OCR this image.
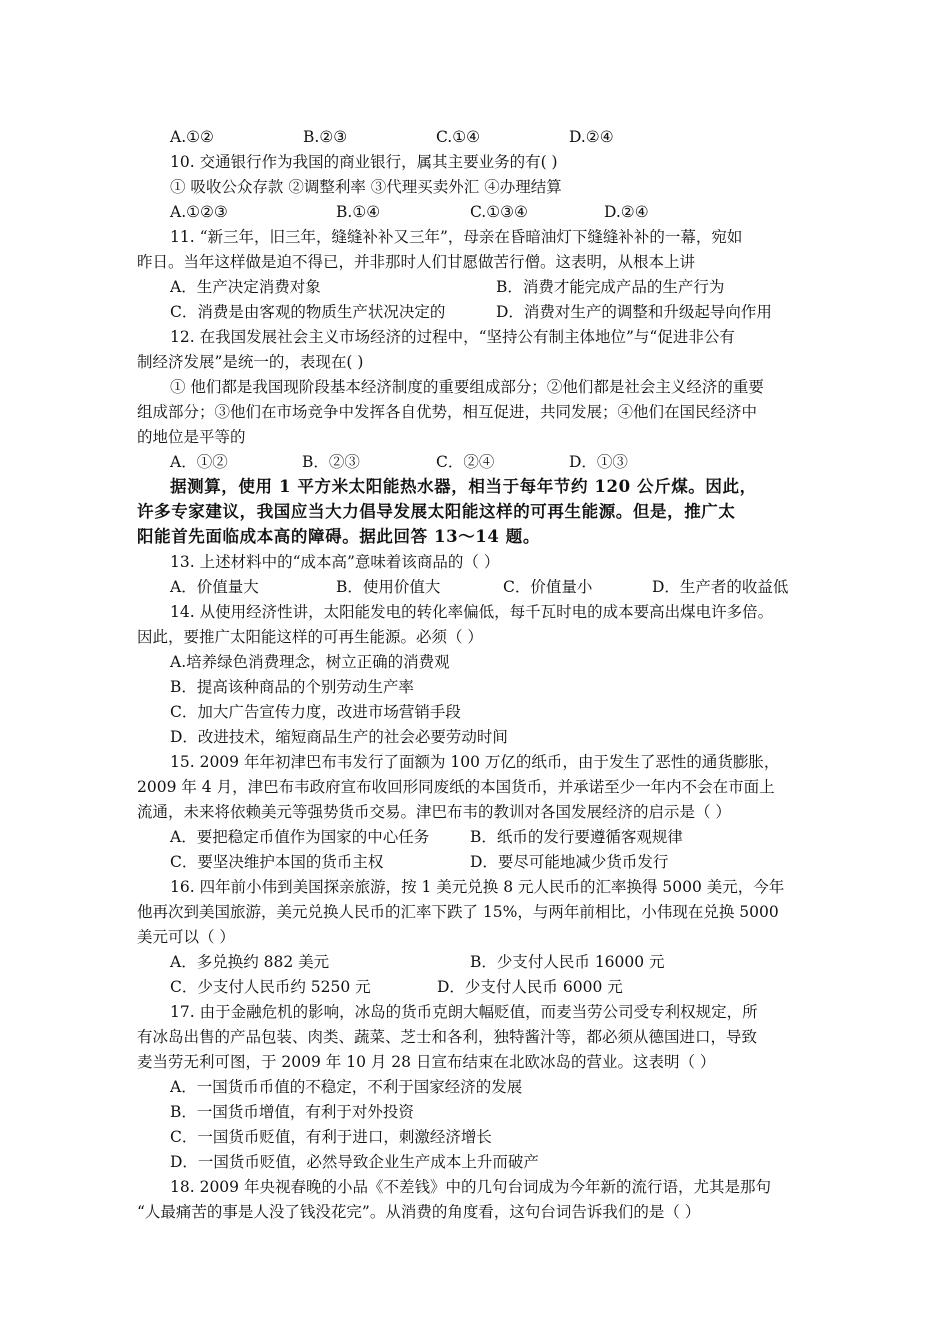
A.①②	B.②③	C.①④	D.②④
10. 交通银行作为我国的商业银行，属其主要业务的有( )
① 吸收公众存款 ②调整利率 ③代理买卖外汇 ④办理结算
A.①②③	B.①④	C.①③④	D.②④
11. “新三年，旧三年，缝缝补补又三年”，母亲在昏暗油灯下缝缝补补的一幕，宛如
昨日。当年这样做是迫不得已，并非那时人们甘愿做苦行僧。这表明，从根本上讲
A．生产决定消费对象	B．消费才能完成产品的生产行为
C．消费是由客观的物质生产状况决定的	D．消费对生产的调整和升级起导向作用
12. 在我国发展社会主义市场经济的过程中，“坚持公有制主体地位”与“促进非公有
制经济发展”是统一的，表现在( )
① 他们都是我国现阶段基本经济制度的重要组成部分；②他们都是社会主义经济的重要
组成部分；③他们在市场竞争中发挥各自优势，相互促进，共同发展；④他们在国民经济中
的地位是平等的
A．①②	B．②③	C．②④	D．①③
据测算，使用 1 平方米太阳能热水器，相当于每年节约 120 公斤煤。因此，
许多专家建议，我国应当大力倡导发展太阳能这样的可再生能源。但是，推广太
阳能首先面临成本高的障碍。据此回答 13～14 题。
13. 上述材料中的“成本高”意味着该商品的（ ）
A．价值量大	B．使用价值大	C．价值量小	D．生产者的收益低
14. 从使用经济性讲，太阳能发电的转化率偏低，每千瓦时电的成本要高出煤电许多倍。
因此，要推广太阳能这样的可再生能源。必须（ ）
A.培养绿色消费理念，树立正确的消费观
B．提高该种商品的个别劳动生产率
C．加大广告宣传力度，改进市场营销手段
D．改进技术，缩短商品生产的社会必要劳动时间
15. 2009 年年初津巴布韦发行了面额为 100 万亿的纸币，由于发生了恶性的通货膨胀，
2009 年 4 月，津巴布韦政府宣布收回形同废纸的本国货币，并承诺至少一年内不会在市面上
流通，未来将依赖美元等强势货币交易。津巴布韦的教训对各国发展经济的启示是（ ）
A．要把稳定币值作为国家的中心任务	B．纸币的发行要遵循客观规律
C．要坚决维护本国的货币主权	D．要尽可能地减少货币发行
16. 四年前小伟到美国探亲旅游，按 1 美元兑换 8 元人民币的汇率换得 5000 美元，今年
他再次到美国旅游，美元兑换人民币的汇率下跌了 15%，与两年前相比，小伟现在兑换 5000
美元可以（ ）
A．多兑换约 882 美元	B．少支付人民币 16000 元
C．少支付人民币约 5250 元	D．少支付人民币 6000 元
17. 由于金融危机的影响，冰岛的货币克朗大幅贬值，而麦当劳公司受专利权规定，所
有冰岛出售的产品包装、肉类、蔬菜、芝士和各利，独特酱汁等，都必须从德国进口，导致
麦当劳无利可图，于 2009 年 10 月 28 日宣布结束在北欧冰岛的营业。这表明（ ）
A．一国货币币值的不稳定，不利于国家经济的发展
B．一国货币增值，有利于对外投资
C．一国货币贬值，有利于进口，刺激经济增长
D．一国货币贬值，必然导致企业生产成本上升而破产
18. 2009 年央视春晚的小品《不差钱》中的几句台词成为今年新的流行语，尤其是那句
“人最痛苦的事是人没了钱没花完”。从消费的角度看，这句台词告诉我们的是（ ）
